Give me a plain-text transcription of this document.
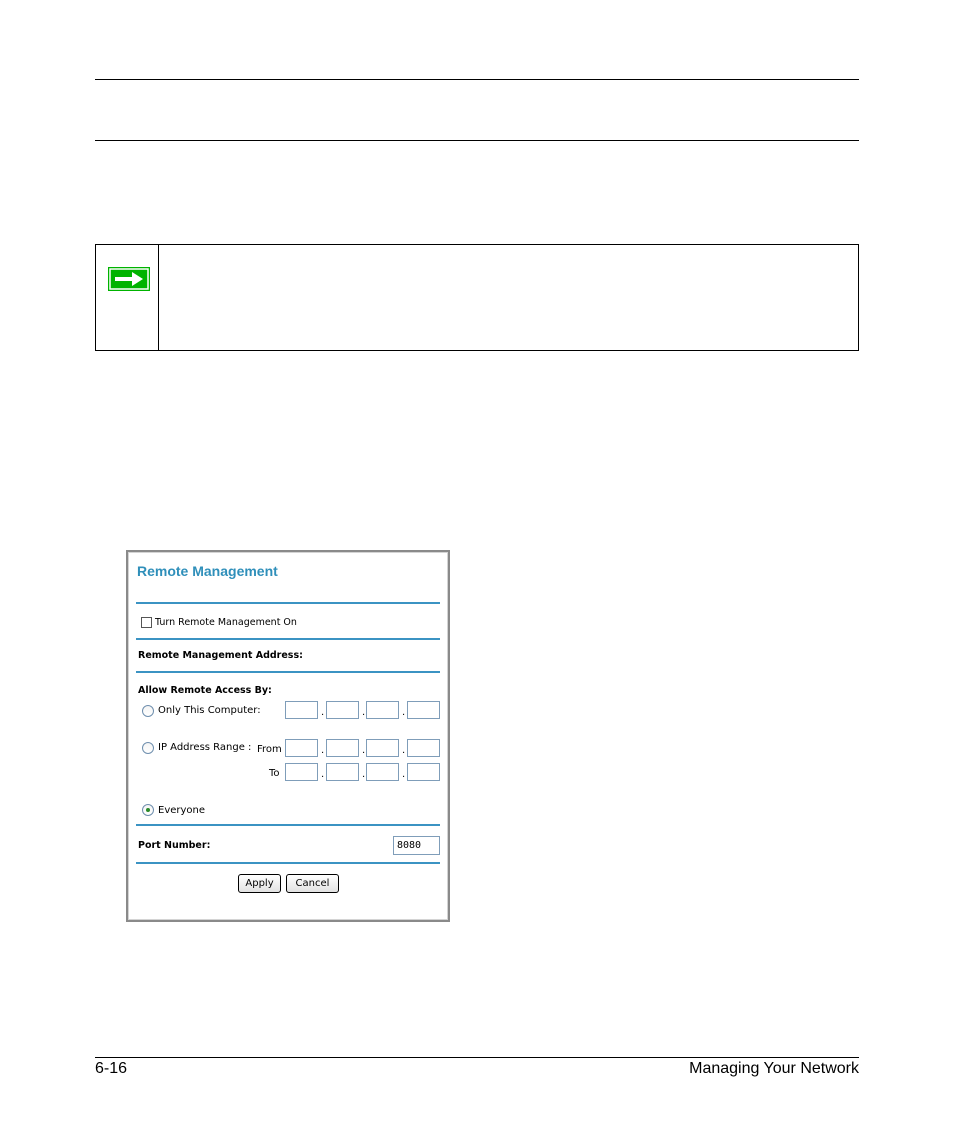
Remote Management
Turn Remote Management On
Remote Management Address:
Allow Remote Access By:
Only This Computer:	.	.	.
IP Address Range : From	.	.	.
To	.	.	.
Everyone
Port Number:	8080
Apply	Cancel
6-16	Managing Your Network
